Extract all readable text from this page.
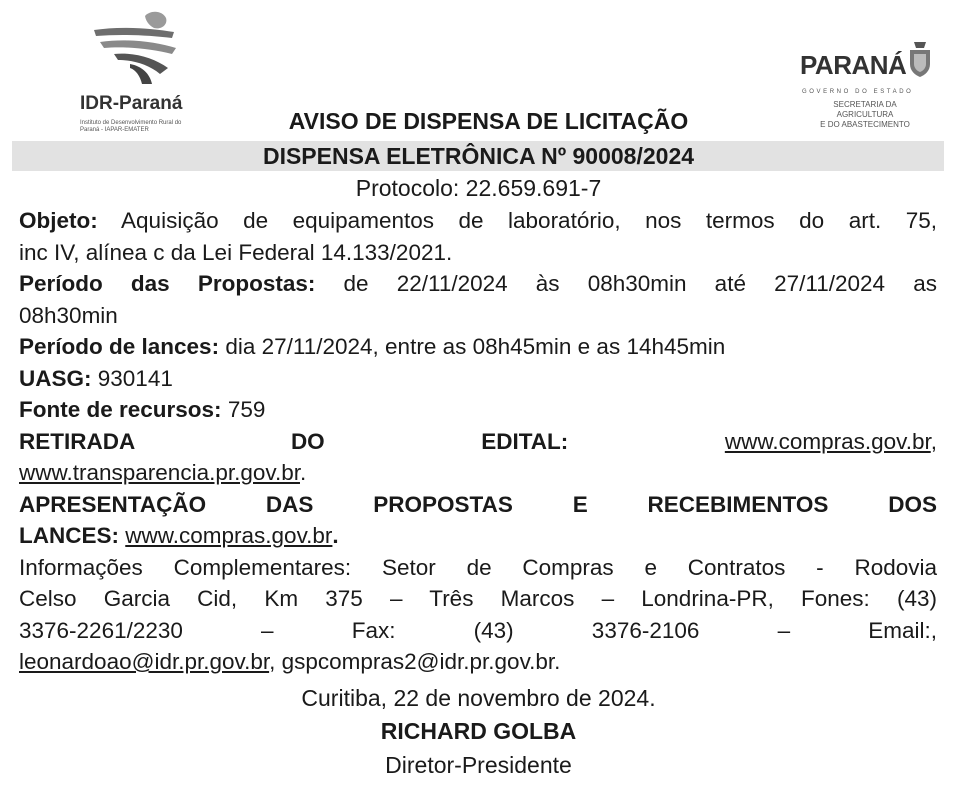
IDR-Paraná
Instituto de Desenvolvimento Rural do Paraná - IAPAR-EMATER
PARANÁ
GOVERNO DO ESTADO
SECRETARIA DA AGRICULTURA
E DO ABASTECIMENTO
AVISO DE DISPENSA DE LICITAÇÃO
DISPENSA ELETRÔNICA Nº 90008/2024
Protocolo: 22.659.691-7

Objeto: Aquisição de equipamentos de laboratório, nos termos do art. 75,

inc IV, alínea c da Lei Federal 14.133/2021.

Período das Propostas: de 22/11/2024 às 08h30min até 27/11/2024 as

08h30min

Período de lances: dia 27/11/2024, entre as 08h45min e as 14h45min

UASG: 930141

Fonte de recursos: 759

RETIRADA DO EDITAL:	www.compras.gov.br,

www.transparencia.pr.gov.br.

APRESENTAÇÃO DAS PROPOSTAS E RECEBIMENTOS DOS

LANCES: www.compras.gov.br.

Informações Complementares: Setor de Compras e Contratos - Rodovia

Celso Garcia Cid, Km 375 – Três Marcos – Londrina-PR, Fones: (43)

3376-2261/2230 – Fax: (43) 3376-2106 – Email:,

leonardoao@idr.pr.gov.br, gspcompras2@idr.pr.gov.br.

Curitiba, 22 de novembro de 2024.
RICHARD GOLBA
Diretor-Presidente
